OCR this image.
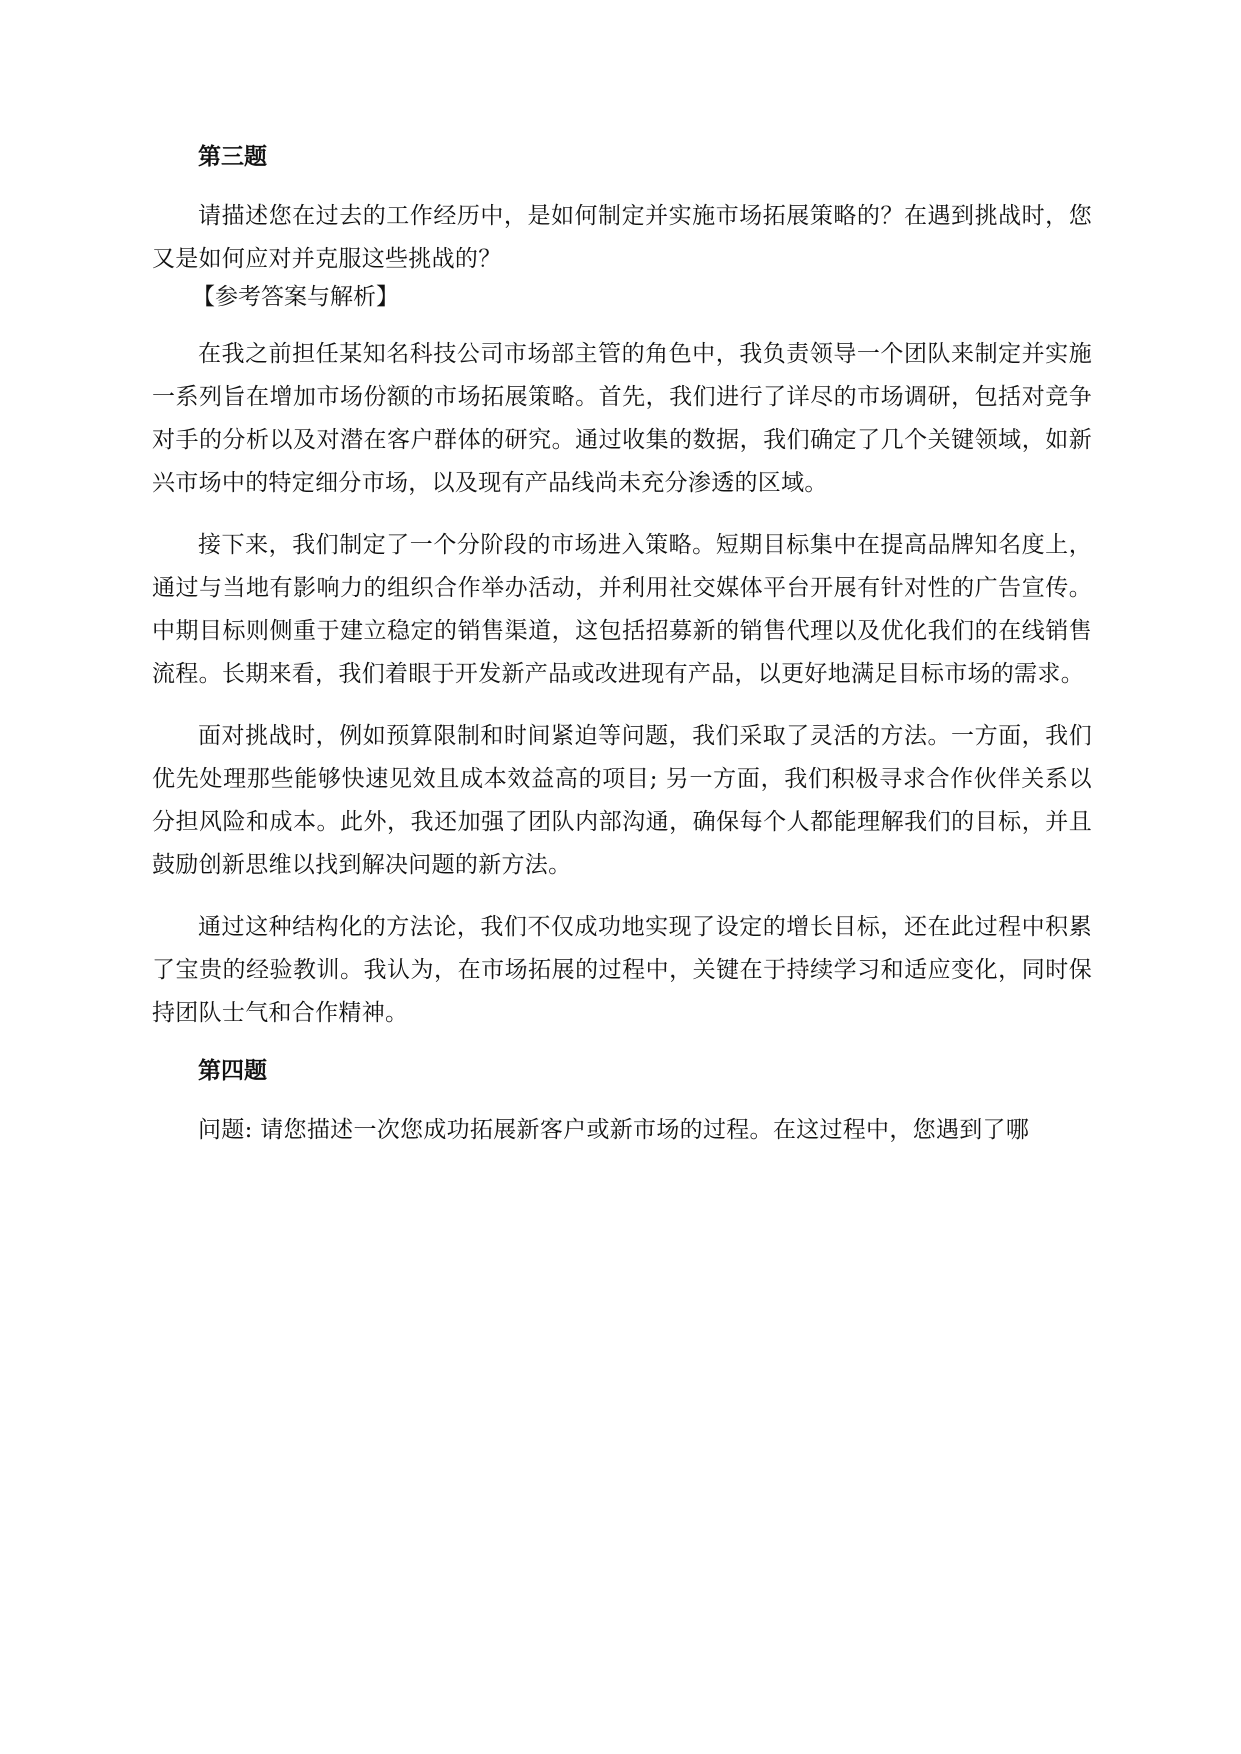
第三题

请描述您在过去的工作经历中，是如何制定并实施市场拓展策略的？在遇到挑战时，您又是如何应对并克服这些挑战的？

【参考答案与解析】

在我之前担任某知名科技公司市场部主管的角色中，我负责领导一个团队来制定并实施一系列旨在增加市场份额的市场拓展策略。首先，我们进行了详尽的市场调研，包括对竞争对手的分析以及对潜在客户群体的研究。通过收集的数据，我们确定了几个关键领域，如新兴市场中的特定细分市场，以及现有产品线尚未充分渗透的区域。

接下来，我们制定了一个分阶段的市场进入策略。短期目标集中在提高品牌知名度上，通过与当地有影响力的组织合作举办活动，并利用社交媒体平台开展有针对性的广告宣传。中期目标则侧重于建立稳定的销售渠道，这包括招募新的销售代理以及优化我们的在线销售流程。长期来看，我们着眼于开发新产品或改进现有产品，以更好地满足目标市场的需求。

面对挑战时，例如预算限制和时间紧迫等问题，我们采取了灵活的方法。一方面，我们优先处理那些能够快速见效且成本效益高的项目; 另一方面，我们积极寻求合作伙伴关系以分担风险和成本。此外，我还加强了团队内部沟通，确保每个人都能理解我们的目标，并且鼓励创新思维以找到解决问题的新方法。

通过这种结构化的方法论，我们不仅成功地实现了设定的增长目标，还在此过程中积累了宝贵的经验教训。我认为，在市场拓展的过程中，关键在于持续学习和适应变化，同时保持团队士气和合作精神。

第四题

问题: 请您描述一次您成功拓展新客户或新市场的过程。在这过程中，您遇到了哪
